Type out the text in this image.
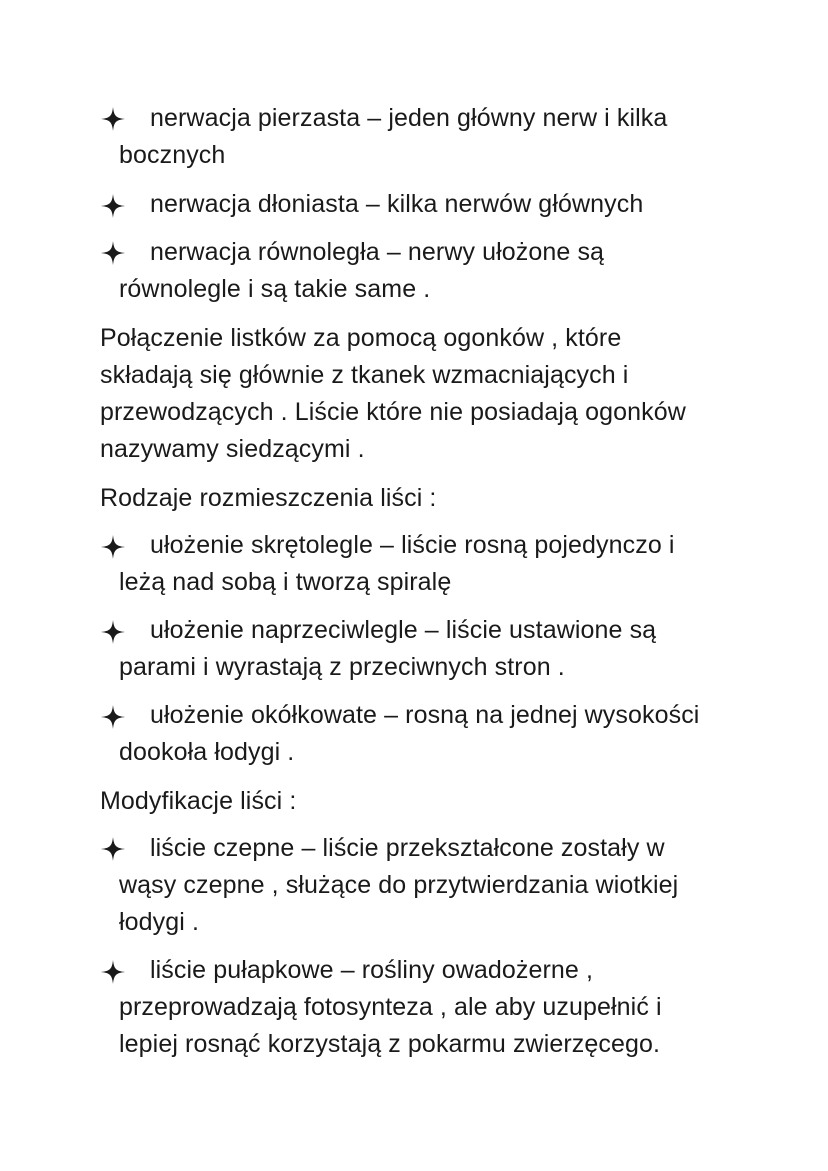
nerwacja pierzasta – jeden główny nerw i kilka
bocznych
nerwacja dłoniasta – kilka nerwów głównych
nerwacja równoległa – nerwy ułożone są
równolegle i są takie same .
Połączenie listków za pomocą ogonków , które
składają się głównie z tkanek wzmacniających i
przewodzących . Liście które nie posiadają ogonków
nazywamy siedzącymi .
Rodzaje rozmieszczenia liści :
ułożenie skrętolegle – liście rosną pojedynczo i
leżą nad sobą i tworzą spiralę
ułożenie naprzeciwlegle – liście ustawione są
parami i wyrastają z przeciwnych stron .
ułożenie okółkowate – rosną na jednej wysokości
dookoła łodygi .
Modyfikacje liści :
liście czepne – liście przekształcone zostały w
wąsy czepne , służące do przytwierdzania wiotkiej
łodygi .
liście pułapkowe – rośliny owadożerne ,
przeprowadzają fotosynteza , ale aby uzupełnić i
lepiej rosnąć korzystają z pokarmu zwierzęcego.
